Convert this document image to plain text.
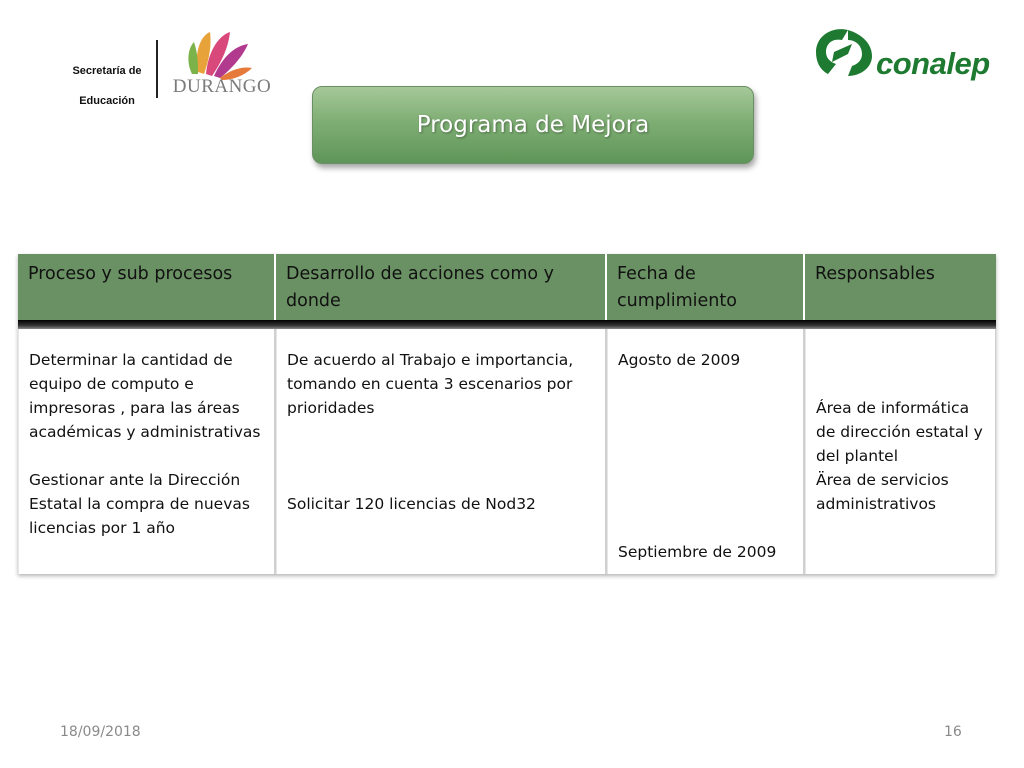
Secretaría de
Educación
DURANGO
conalep
Programa de Mejora
Proceso y sub procesos	Desarrollo de acciones como y donde
Fecha de cumplimiento
Responsables
Determinar la cantidad de equipo de computo e impresoras , para las áreas académicas y administrativas
Gestionar ante la Dirección Estatal la compra de nuevas licencias por 1 año
De acuerdo al Trabajo e importancia, tomando en cuenta 3 escenarios por prioridades
Solicitar 120 licencias de Nod32
Agosto de 2009
Septiembre de 2009
Área de informática de dirección estatal y del plantel
Ärea de servicios administrativos
18/09/2018	16
